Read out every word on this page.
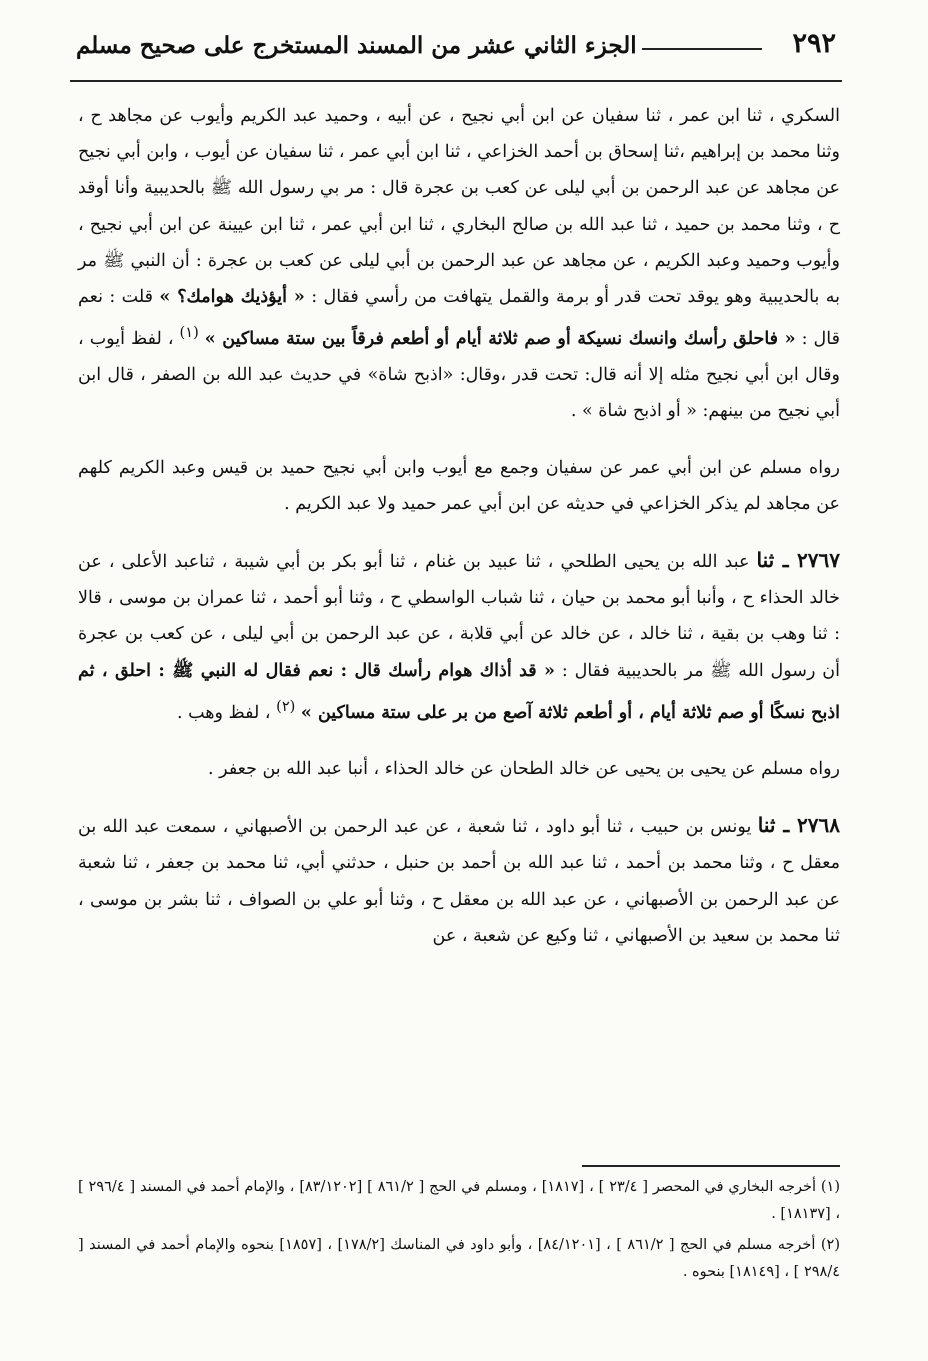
٢٩٢
الجزء الثاني عشر من المسند المستخرج على صحيح مسلم

السكري ، ثنا ابن عمر ، ثنا سفيان عن ابن أبي نجيح ، عن أبيه ، وحميد عبد الكريم وأيوب عن مجاهد ح ، وثنا محمد بن إبراهيم ،ثنا إسحاق بن أحمد الخزاعي ، ثنا ابن أبي عمر ، ثنا سفيان عن أيوب ، وابن أبي نجيح عن مجاهد عن عبد الرحمن بن أبي ليلى عن كعب بن عجرة قال : مر بي رسول الله ﷺ بالحديبية وأنا أوقد ح ، وثنا محمد بن حميد ، ثنا عبد الله بن صالح البخاري ، ثنا ابن أبي عمر ، ثنا ابن عيينة عن ابن أبي نجيح ، وأيوب وحميد وعبد الكريم ، عن مجاهد عن عبد الرحمن بن أبي ليلى عن كعب بن عجرة : أن النبي ﷺ مر به بالحديبية وهو يوقد تحت قدر أو برمة والقمل يتهافت من رأسي فقال : « أيؤذيك هوامك؟ » قلت : نعم قال : « فاحلق رأسك وانسك نسيكة أو صم ثلاثة أيام أو أطعم فرقاً بين ستة مساكين » $^{(١)}$ ، لفظ أيوب ، وقال ابن أبي نجيح مثله إلا أنه قال: تحت قدر ،وقال: «اذبح شاة» في حديث عبد الله بن الصفر ، قال ابن أبي نجيح من بينهم: « أو اذبح شاة » .

رواه مسلم عن ابن أبي عمر عن سفيان وجمع مع أيوب وابن أبي نجيح حميد بن قيس وعبد الكريم كلهم عن مجاهد لم يذكر الخزاعي في حديثه عن ابن أبي عمر حميد ولا عبد الكريم .

٢٧٦٧ ـ ثنا عبد الله بن يحيى الطلحي ، ثنا عبيد بن غنام ، ثنا أبو بكر بن أبي شيبة ، ثناعبد الأعلى ، عن خالد الحذاء ح ، وأنبا أبو محمد بن حيان ، ثنا شباب الواسطي ح ، وثنا أبو أحمد ، ثنا عمران بن موسى ، قالا : ثنا وهب بن بقية ، ثنا خالد ، عن خالد عن أبي قلابة ، عن عبد الرحمن بن أبي ليلى ، عن كعب بن عجرة أن رسول الله ﷺ مر بالحديبية فقال : « قد أذاك هوام رأسك قال : نعم فقال له النبي ﷺ : احلق ، ثم اذبح نسكًا أو صم ثلاثة أيام ، أو أطعم ثلاثة آصع من بر على ستة مساكين » $^{(٢)}$ ، لفظ وهب .

رواه مسلم عن يحيى بن يحيى عن خالد الطحان عن خالد الحذاء ، أنبا عبد الله بن جعفر .

٢٧٦٨ ـ ثنا يونس بن حبيب ، ثنا أبو داود ، ثنا شعبة ، عن عبد الرحمن بن الأصبهاني ، سمعت عبد الله بن معقل ح ، وثنا محمد بن أحمد ، ثنا عبد الله بن أحمد بن حنبل ، حدثني أبي، ثنا محمد بن جعفر ، ثنا شعبة عن عبد الرحمن بن الأصبهاني ، عن عبد الله بن معقل ح ، وثنا أبو علي بن الصواف ، ثنا بشر بن موسى ، ثنا محمد بن سعيد بن الأصبهاني ، ثنا وكيع عن شعبة ، عن

(١) أخرجه البخاري في المحصر [ ٢٣/٤ ] ، [١٨١٧] ، ومسلم في الحج [ ٨٦١/٢ ] [٨٣/١٢٠٢] ، والإمام أحمد في المسند [ ٢٩٦/٤ ] ، [١٨١٣٧] .

(٢) أخرجه مسلم في الحج [ ٨٦١/٢ ] ، [٨٤/١٢٠١] ، وأبو داود في المناسك [١٧٨/٢] ، [١٨٥٧] بنحوه والإمام أحمد في المسند [ ٢٩٨/٤ ] ، [١٨١٤٩] بنحوه .
